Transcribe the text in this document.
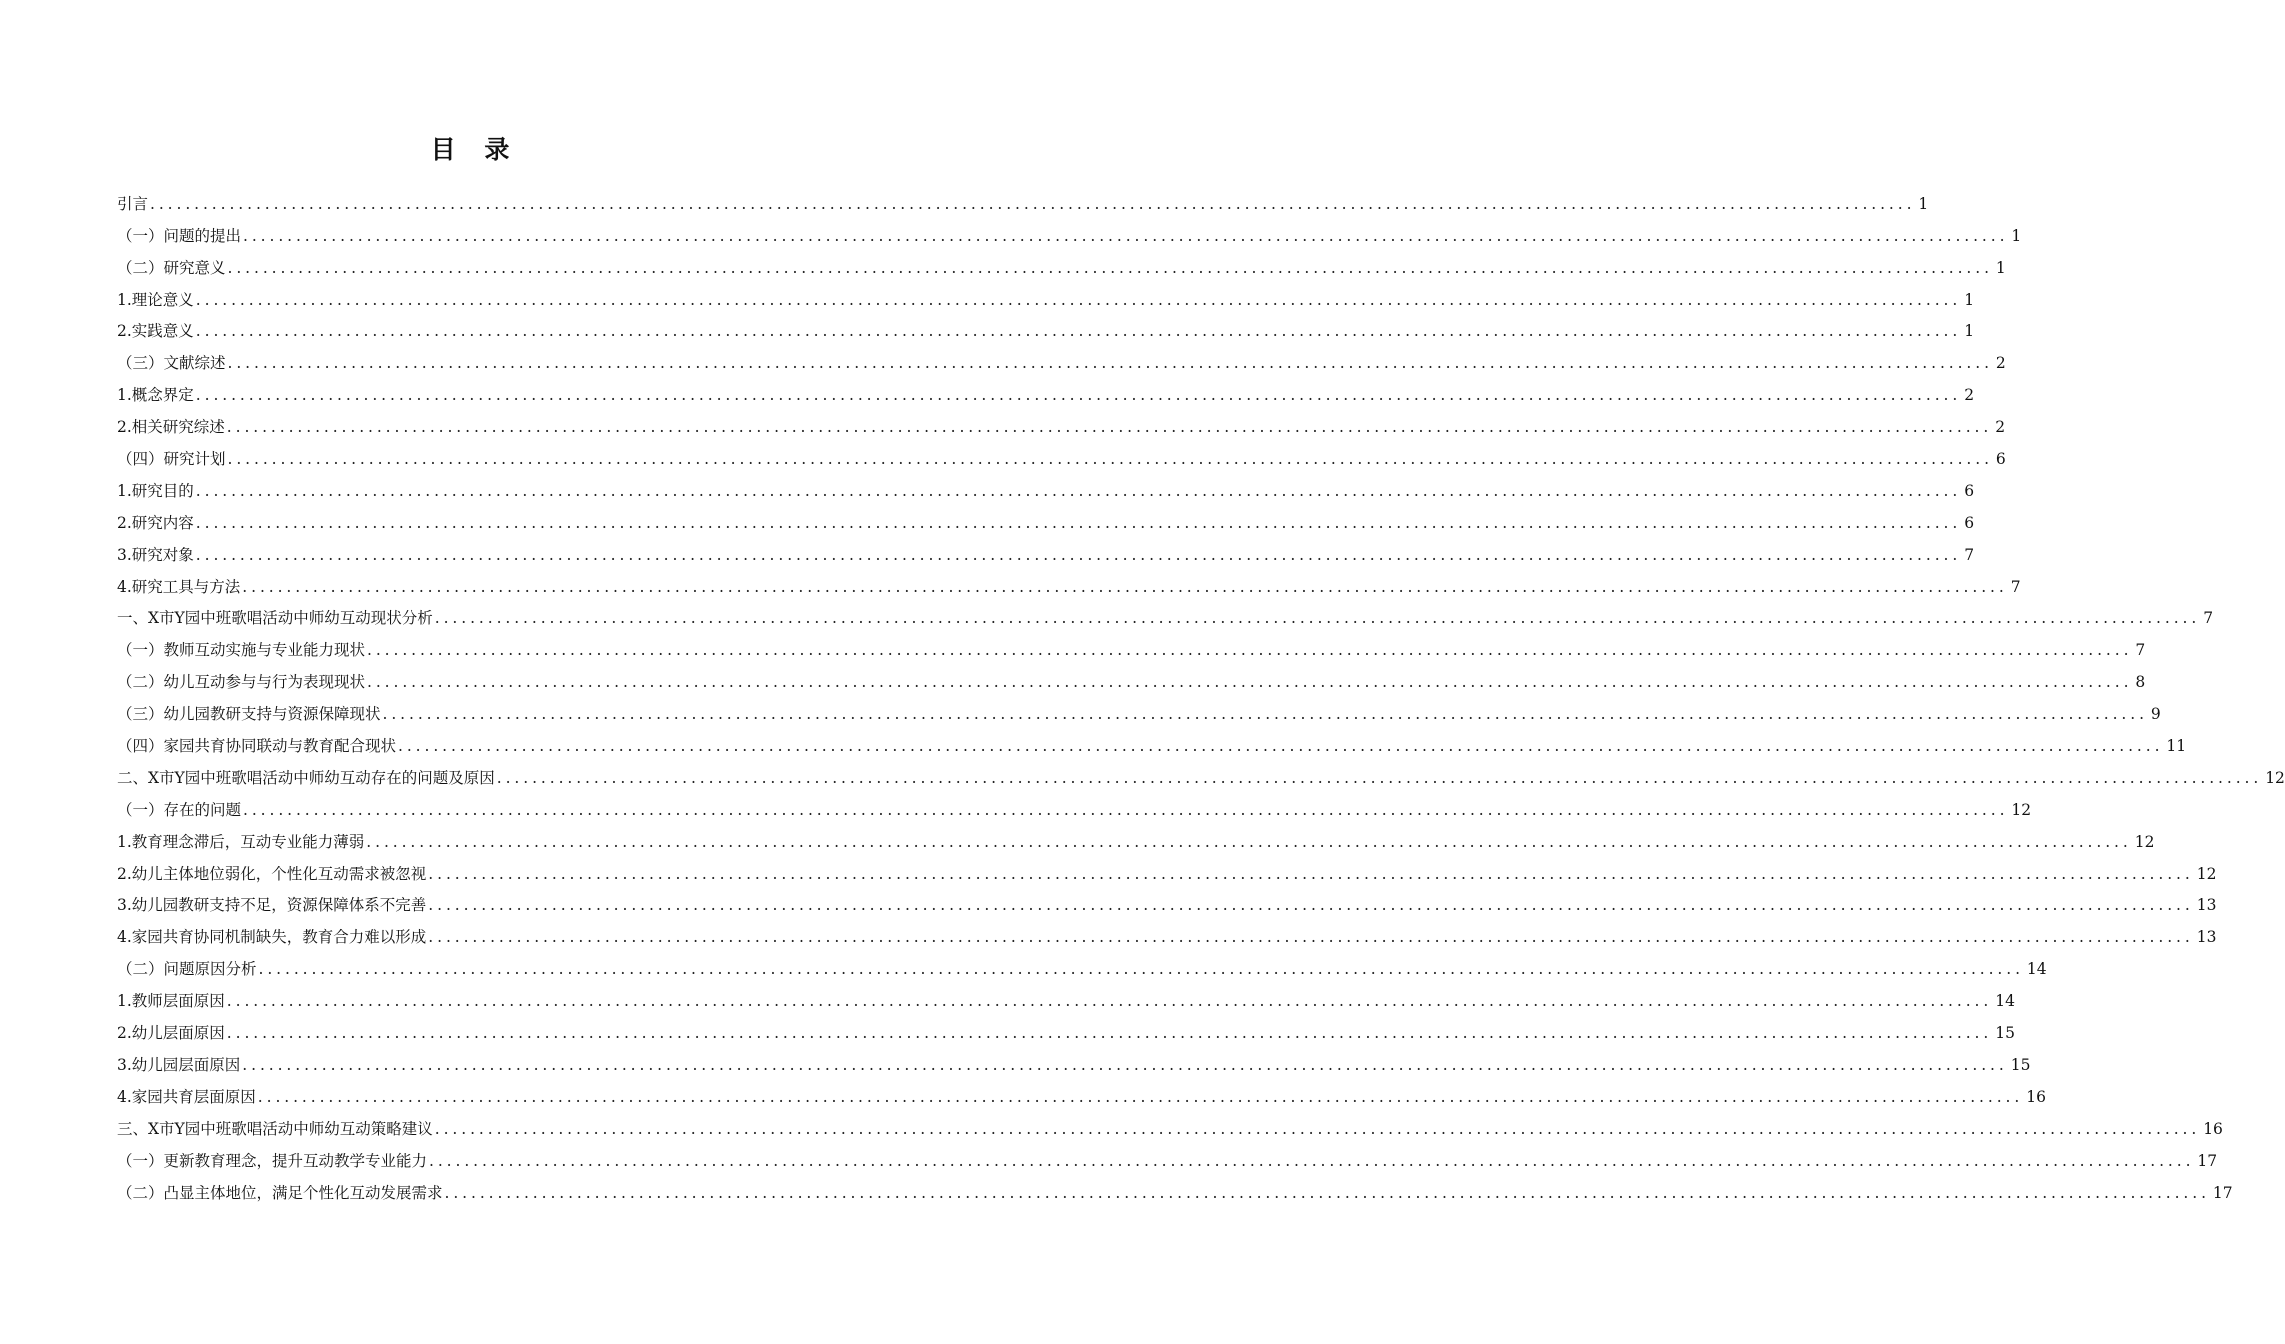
目 录
引言 ........................................................................................................................................................................................................ 1
（一）问题的提出 ........................................................................................................................................................................................................ 1
（二）研究意义 ........................................................................................................................................................................................................ 1
1.理论意义 ........................................................................................................................................................................................................ 1
2.实践意义 ........................................................................................................................................................................................................ 1
（三）文献综述 ........................................................................................................................................................................................................ 2
1.概念界定 ........................................................................................................................................................................................................ 2
2.相关研究综述 ........................................................................................................................................................................................................ 2
（四）研究计划 ........................................................................................................................................................................................................ 6
1.研究目的 ........................................................................................................................................................................................................ 6
2.研究内容 ........................................................................................................................................................................................................ 6
3.研究对象 ........................................................................................................................................................................................................ 7
4.研究工具与方法 ........................................................................................................................................................................................................ 7
一、X市Y园中班歌唱活动中师幼互动现状分析 ........................................................................................................................................................................................................ 7
（一）教师互动实施与专业能力现状 ........................................................................................................................................................................................................ 7
（二）幼儿互动参与与行为表现现状 ........................................................................................................................................................................................................ 8
（三）幼儿园教研支持与资源保障现状 ........................................................................................................................................................................................................ 9
（四）家园共育协同联动与教育配合现状 ........................................................................................................................................................................................................ 11
二、X市Y园中班歌唱活动中师幼互动存在的问题及原因 ........................................................................................................................................................................................................ 12
（一）存在的问题 ........................................................................................................................................................................................................ 12
1.教育理念滞后，互动专业能力薄弱 ........................................................................................................................................................................................................ 12
2.幼儿主体地位弱化，个性化互动需求被忽视 ........................................................................................................................................................................................................ 12
3.幼儿园教研支持不足，资源保障体系不完善 ........................................................................................................................................................................................................ 13
4.家园共育协同机制缺失，教育合力难以形成 ........................................................................................................................................................................................................ 13
（二）问题原因分析 ........................................................................................................................................................................................................ 14
1.教师层面原因 ........................................................................................................................................................................................................ 14
2.幼儿层面原因 ........................................................................................................................................................................................................ 15
3.幼儿园层面原因 ........................................................................................................................................................................................................ 15
4.家园共育层面原因 ........................................................................................................................................................................................................ 16
三、X市Y园中班歌唱活动中师幼互动策略建议 ........................................................................................................................................................................................................ 16
（一）更新教育理念，提升互动教学专业能力 ........................................................................................................................................................................................................ 17
（二）凸显主体地位，满足个性化互动发展需求 ........................................................................................................................................................................................................ 17
